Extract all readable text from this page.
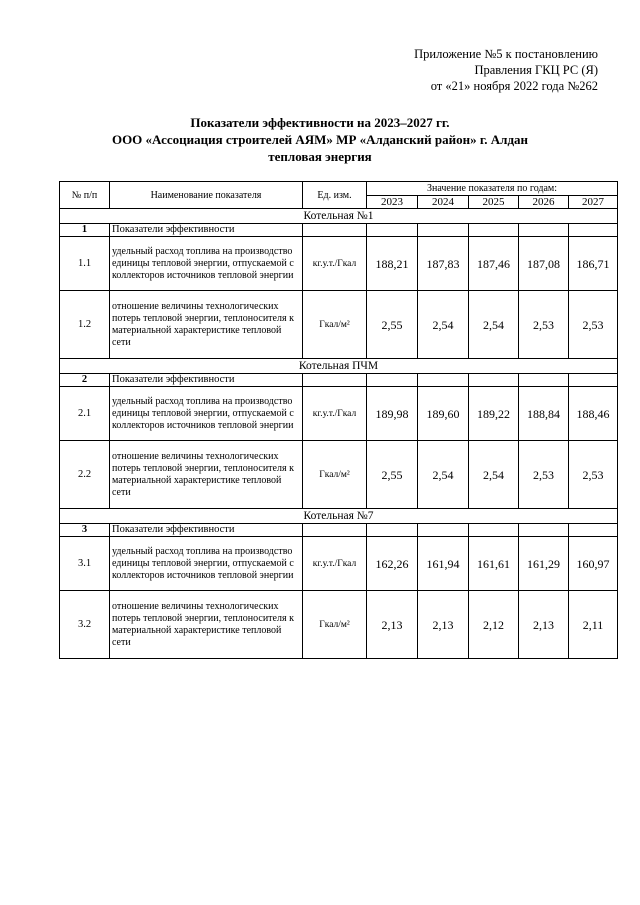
Приложение №5 к постановлению
Правления ГКЦ РС (Я)
от «21» ноября 2022 года №262
Показатели эффективности на 2023–2027 гг.
ООО «Ассоциация строителей АЯМ» МР «Алданский район» г. Алдан
тепловая энергия
№ п/п	Наименование показателя	Ед. изм.	Значение показателя по годам:				
			2023	2024	2025	2026	2027
Котельная №1							
1	Показатели эффективности						
1.1	удельный расход топлива на производство единицы тепловой энергии, отпускаемой с коллекторов источников тепловой энергии	кг.у.т./Гкал	188,21	187,83	187,46	187,08	186,71
1.2	отношение величины технологических потерь тепловой энергии, теплоносителя к материальной характеристике тепловой сети	Гкал/м²	2,55	2,54	2,54	2,53	2,53
Котельная ПЧМ							
2	Показатели эффективности						
2.1	удельный расход топлива на производство единицы тепловой энергии, отпускаемой с коллекторов источников тепловой энергии	кг.у.т./Гкал	189,98	189,60	189,22	188,84	188,46
2.2	отношение величины технологических потерь тепловой энергии, теплоносителя к материальной характеристике тепловой сети	Гкал/м²	2,55	2,54	2,54	2,53	2,53
Котельная №7							
3	Показатели эффективности						
3.1	удельный расход топлива на производство единицы тепловой энергии, отпускаемой с коллекторов источников тепловой энергии	кг.у.т./Гкал	162,26	161,94	161,61	161,29	160,97
3.2	отношение величины технологических потерь тепловой энергии, теплоносителя к материальной характеристике тепловой сети	Гкал/м²	2,13	2,13	2,12	2,13	2,11
